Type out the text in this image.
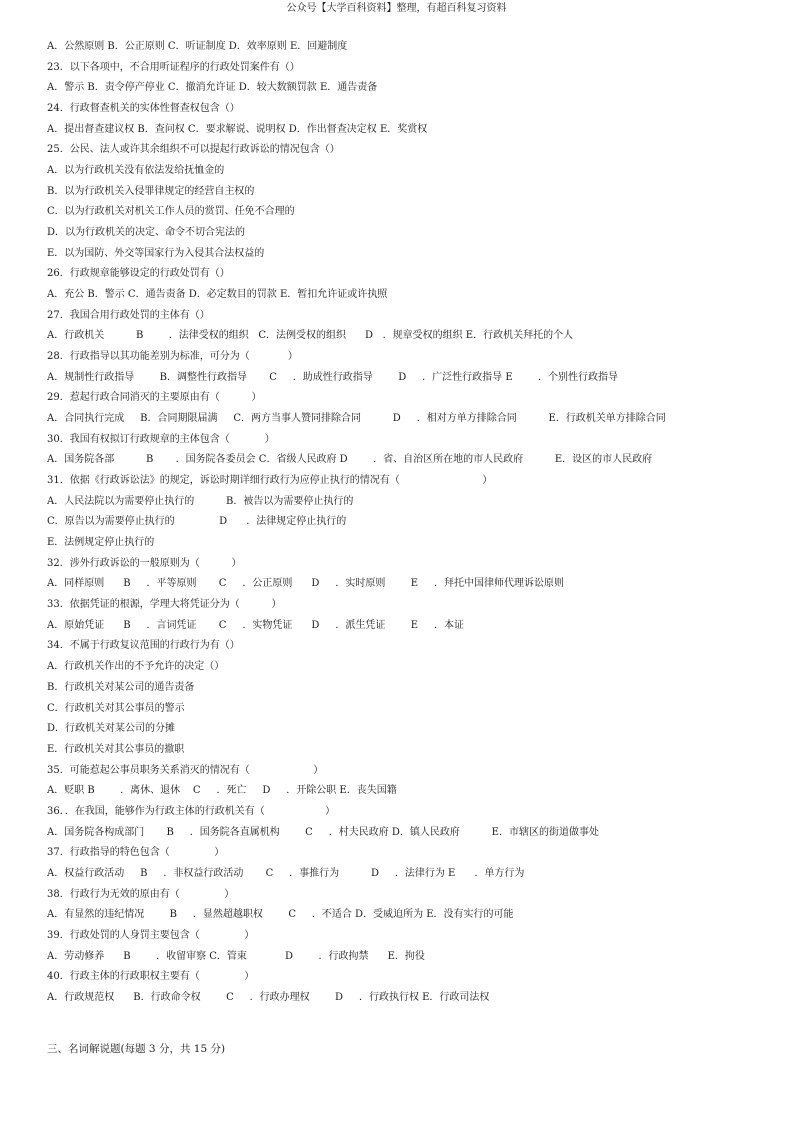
公众号【大学百科资料】整理，有超百科复习资料
A．公然原则 B．公正原则 C．听证制度 D．效率原则 E．回避制度
23．以下各项中，不合用听证程序的行政处罚案件有（）
A．警示 B．责令停产停业 C．撤消允许证 D．较大数额罚款 E．通告责备
24．行政督查机关的实体性督查权包含（）
A．提出督查建议权 B．查问权 C．要求解说、说明权 D．作出督查决定权 E．奖赏权
25．公民、法人或许其余组织不可以提起行政诉讼的情况包含（）
A．以为行政机关没有依法发给抚恤金的
B．以为行政机关入侵罪律规定的经营自主权的
C．以为行政机关对机关工作人员的赏罚、任免不合理的
D．以为行政机关的决定、命令不切合宪法的
E．以为国防、外交等国家行为入侵其合法权益的
26．行政规章能够设定的行政处罚有（）
A．充公 B．警示 C．通告责备 D．必定数目的罚款 E．暂扣允许证或许执照
27．我国合用行政处罚的主体有（）
A．行政机关          B        ．法律受权的组织   C．法例受权的组织      D   ．规章受权的组织 E．行政机关拜托的个人
28．行政指导以其功能差别为标准，可分为（            ）
A．规制性行政指导        B．调整性行政指导       C     ．助成性行政指导        D     ．广泛性行政指导 E        ．个别性行政指导
29．惹起行政合同消灭的主要原由有（          ）
A．合同执行完成     B．合同期限届满     C．两方当事人赞同排除合同          D     ．相对方单方排除合同          E．行政机关单方排除合同
30．我国有权拟订行政规章的主体包含（           ）
A．国务院各部          B       ．国务院各委员会 C．省级人民政府 D        ．省、自治区所在地的市人民政府          E．设区的市人民政府
31．依据《行政诉讼法》的规定，诉讼时期详细行政行为应停止执行的情况有（                          ）
A．人民法院以为需要停止执行的          B．被告以为需要停止执行的
C．原告以为需要停止执行的              D      ．法律规定停止执行的
E．法例规定停止执行的
32．涉外行政诉讼的一般原则为（          ）
A．同样原则      B     ．平等原则       C     ．公正原则      D     ．实时原则        E     ．拜托中国律师代理诉讼原则
33．依据凭证的根源，学理大将凭证分为（          ）
A．原始凭证      B     ．言词凭证       C     ．实物凭证      D     ．派生凭证        E     ．本证
34．不属于行政复议范围的行政行为有（）
A．行政机关作出的不予允许的决定（）
B．行政机关对某公司的通告责备
C．行政机关对其公事员的警示
D．行政机关对某公司的分摊
E．行政机关对其公事员的撤职
35．可能惹起公事员职务关系消灭的情况有（                    ）
A．贬职 B        ．离休、退休    C     ．死亡     D     ．开除公职 E．丧失国籍
36．．在我国，能够作为行政主体的行政机关有（                   ）
A．国务院各构成部门       B     ．国务院各直属机构        C     ．村夫民政府 D．镇人民政府          E．市辖区的街道做事处
37．行政指导的特色包含（              ）
A．权益行政活动     B     ．非权益行政活动       C     ．事推行为          D     ．法律行为 E      ．单方行为
38．行政行为无效的原由有（              ）
A．有显然的违纪情况        B     ．显然超越职权        C     ．不适合 D．受威迫所为 E．没有实行的可能
39．行政处罚的人身罚主要包含（              ）
A．劳动修养      B        ．收留审察 C．管束            D        ．行政拘禁      E．拘役
40．行政主体的行政职权主要有（              ）
A．行政规范权      B．行政命令权        C     ．行政办理权        D     ．行政执行权 E．行政司法权
三、名词解说题(每题 3 分，共 15 分)
